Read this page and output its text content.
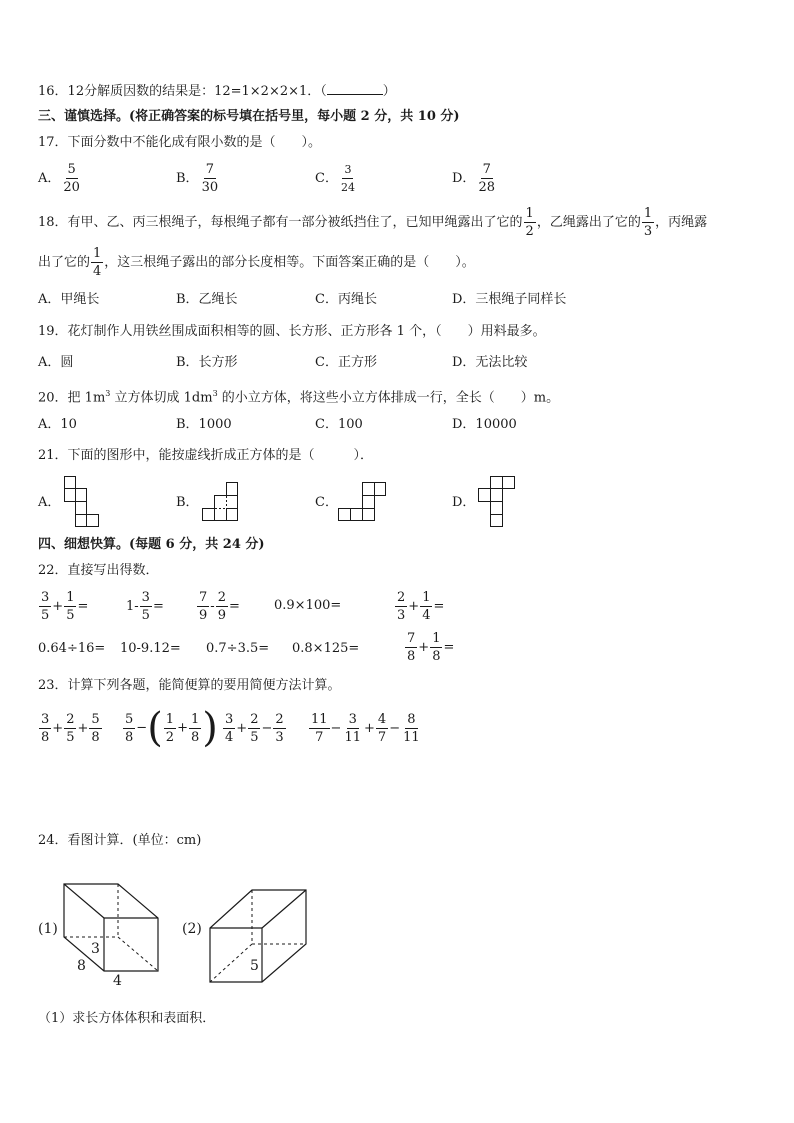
16．12分解质因数的结果是：12=1×2×2×1．（	）
三、谨慎选择。(将正确答案的标号填在括号里，每小题 2 分，共 10 分)
17．下面分数中不能化成有限小数的是（　　）。
A． $\frac{5}{20}$	B． $\frac{7}{30}$	C． $\frac{3}{24}$	D． $\frac{7}{28}$
18．有甲、乙、丙三根绳子，每根绳子都有一部分被纸挡住了，已知甲绳露出了它的 $\frac{1}{2}$ ，乙绳露出了它的 $\frac{1}{3}$ ，丙绳露
出了它的 $\frac{1}{4}$ ，这三根绳子露出的部分长度相等。下面答案正确的是（　　）。
A．甲绳长	B．乙绳长	C．丙绳长	D．三根绳子同样长
19．花灯制作人用铁丝围成面积相等的圆、长方形、正方形各 1 个，（　　）用料最多。
A．圆	B．长方形	C．正方形	D．无法比较
20．把 $1m^3$ 立方体切成 $1dm^3$ 的小立方体，将这些小立方体排成一行，全长（　　）m。
A．10	B．1000	C．100	D．10000
21．下面的图形中，能按虚线折成正方体的是（　　　）．
A．	B．	C．	D．
四、细想快算。(每题 6 分，共 24 分)
22．直接写出得数．
$\frac{3}{5} + \frac{1}{5}$ =	$1- \frac{3}{5}$ =	$\frac{7}{9} - \frac{2}{9}$ =	0.9×100=	$\frac{2}{3} + \frac{1}{4}$ =
0.64÷16= 10-9.12= 0.7÷3.5= 0.8×125=	$\frac{7}{8} + \frac{1}{8}$ =
23．计算下列各题，能简便算的要用简便方法计算。
$\frac{3}{8} + \frac{2}{5} + \frac{5}{8} \frac{5}{8}$ −( $\frac{1}{2} + \frac{1}{8}$ ) $\frac{3}{4} + \frac{2}{5} - \frac{2}{3} \frac{11}{7} - \frac{3}{11} + \frac{4}{7} - \frac{8}{11}$
24．看图计算．(单位：cm)
(1)
3
8
4
(2)
5
（1）求长方体体积和表面积．
